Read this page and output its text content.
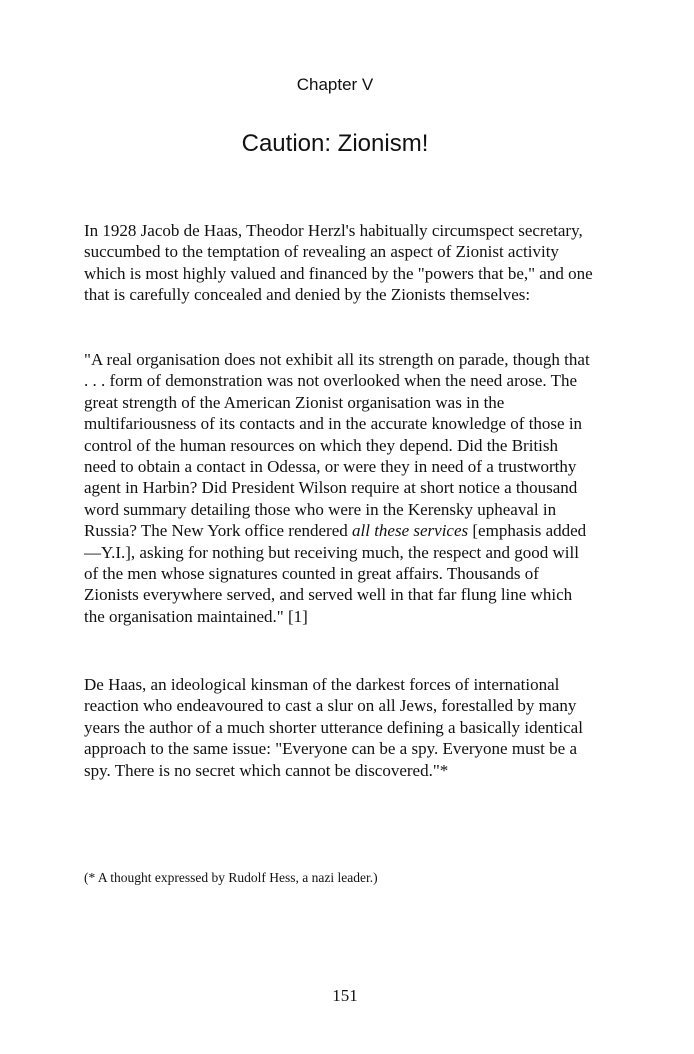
Chapter V
Caution: Zionism!

In 1928 Jacob de Haas, Theodor Herzl's habitually circumspect secretary, succumbed to the temptation of revealing an aspect of Zionist activity which is most highly valued and financed by the "powers that be," and one that is carefully concealed and denied by the Zionists themselves:

"A real organisation does not exhibit all its strength on parade, though that . . . form of demonstration was not overlooked when the need arose. The great strength of the American Zionist organisation was in the multifariousness of its contacts and in the accurate knowledge of those in control of the human resources on which they depend. Did the British need to obtain a contact in Odessa, or were they in need of a trustworthy agent in Harbin? Did President Wilson require at short notice a thousand word summary detailing those who were in the Kerensky upheaval in Russia? The New York office rendered all these services [emphasis added—Y.I.], asking for nothing but receiving much, the respect and good will of the men whose signatures counted in great affairs. Thousands of Zionists everywhere served, and served well in that far flung line which the organisation maintained." [1]

De Haas, an ideological kinsman of the darkest forces of international reaction who endeavoured to cast a slur on all Jews, forestalled by many years the author of a much shorter utterance defining a basically identical approach to the same issue: "Everyone can be a spy. Everyone must be a spy. There is no secret which cannot be discovered."*

(* A thought expressed by Rudolf Hess, a nazi leader.)
151
